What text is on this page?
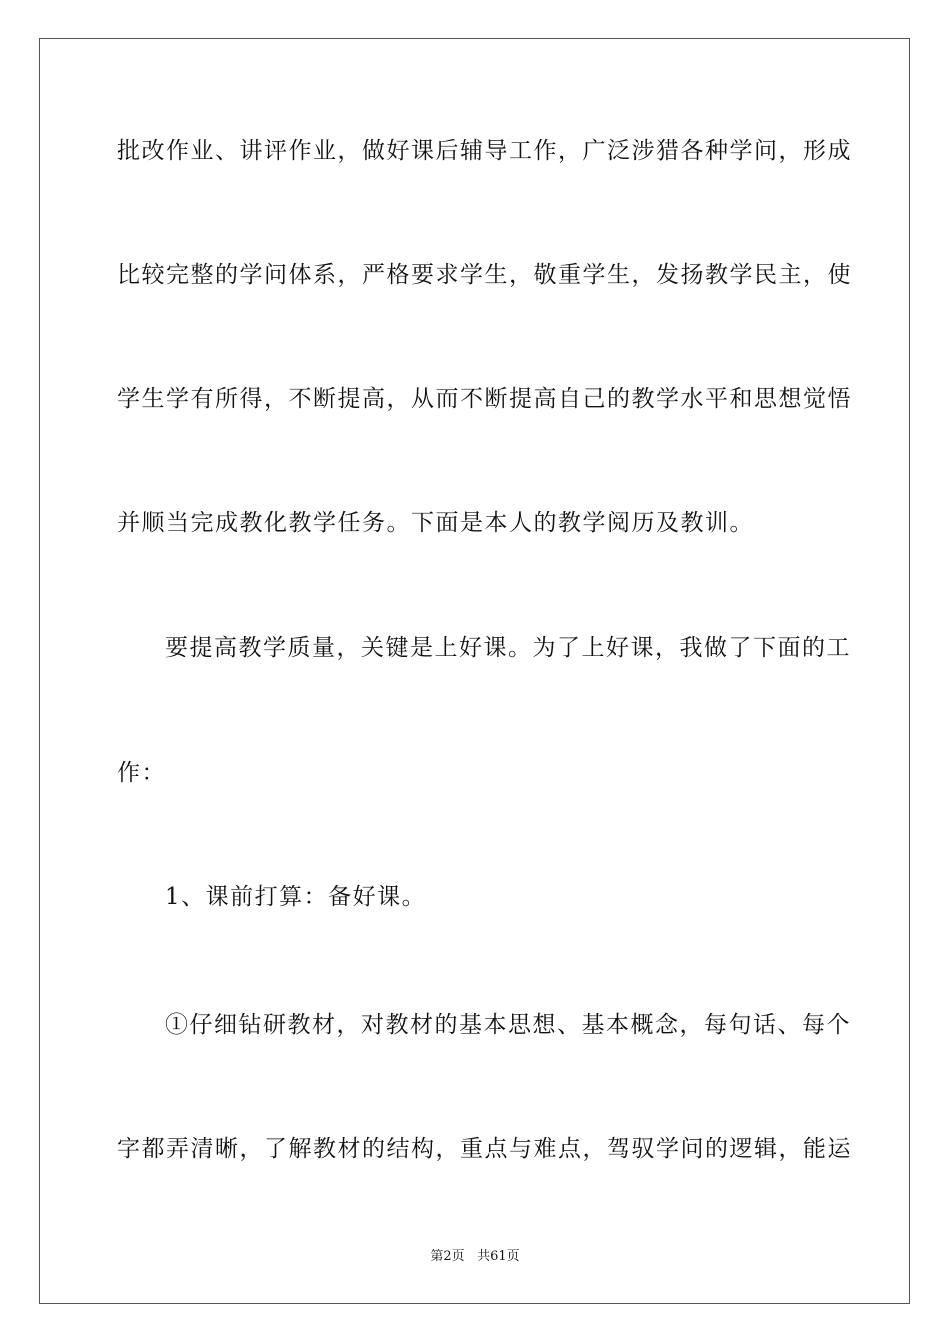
批改作业、讲评作业，做好课后辅导工作，广泛涉猎各种学问，形成
比较完整的学问体系，严格要求学生，敬重学生，发扬教学民主，使
学生学有所得，不断提高，从而不断提高自己的教学水平和思想觉悟
并顺当完成教化教学任务。下面是本人的教学阅历及教训。
要提高教学质量，关键是上好课。为了上好课，我做了下面的工
作：
1、课前打算：备好课。
①仔细钻研教材，对教材的基本思想、基本概念，每句话、每个
字都弄清晰，了解教材的结构，重点与难点，驾驭学问的逻辑，能运
第2页 共61页
